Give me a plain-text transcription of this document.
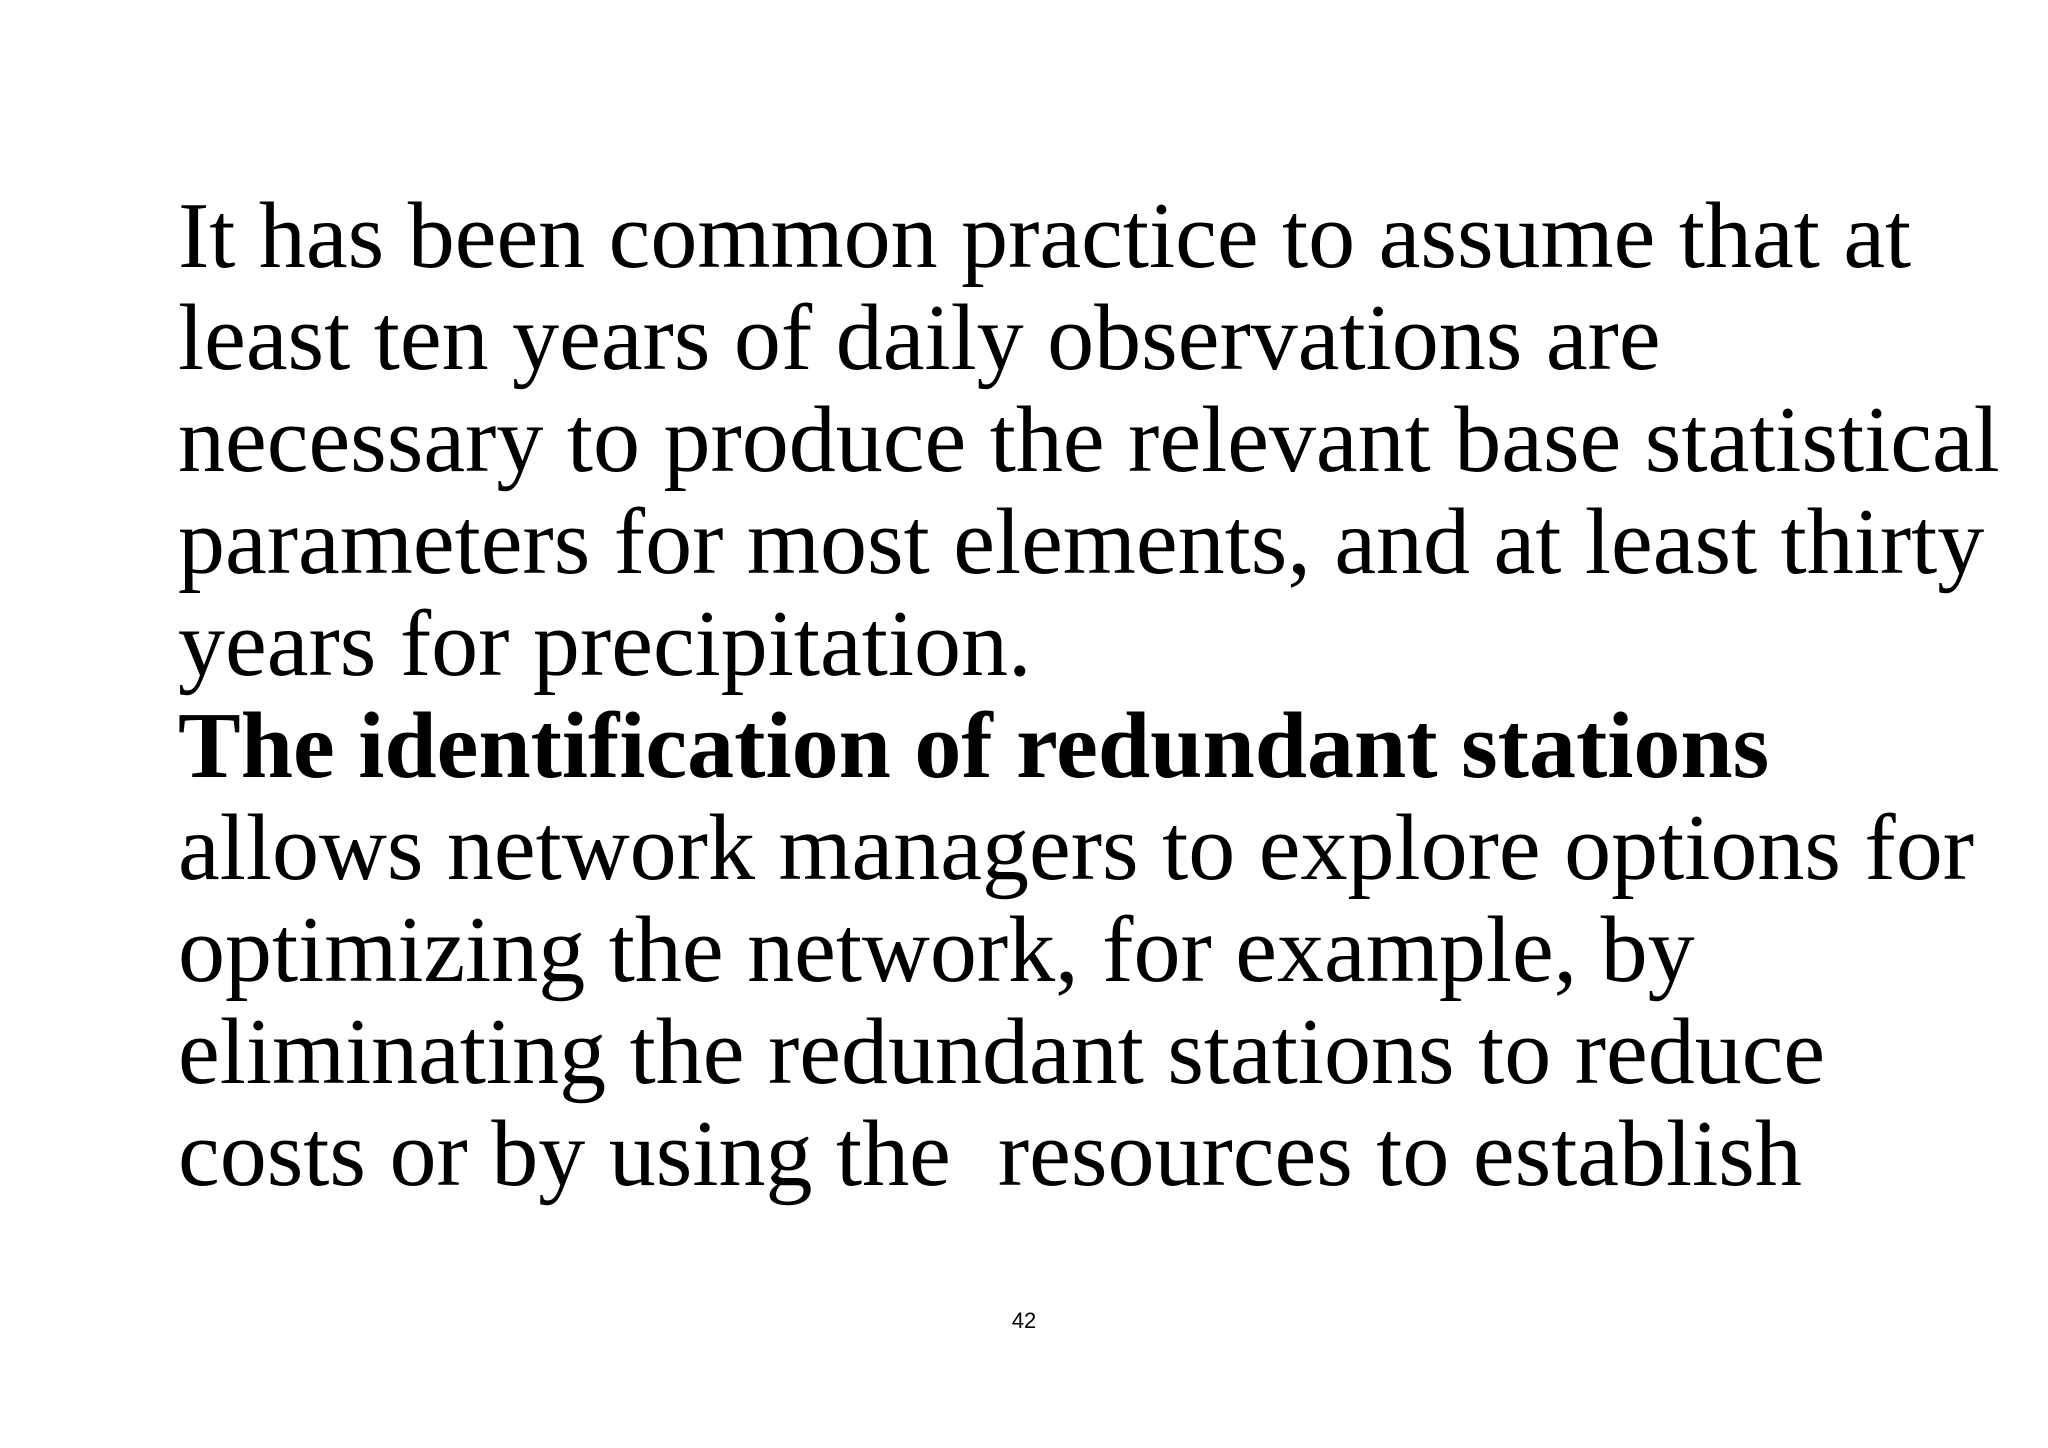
It has been common practice to assume that at
least ten years of daily observations are
necessary to produce the relevant base statistical
parameters for most elements, and at least thirty
years for precipitation.
The identification of redundant stations
allows network managers to explore options for
optimizing the network, for example, by
eliminating the redundant stations to reduce
costs or by using the  resources to establish
42
